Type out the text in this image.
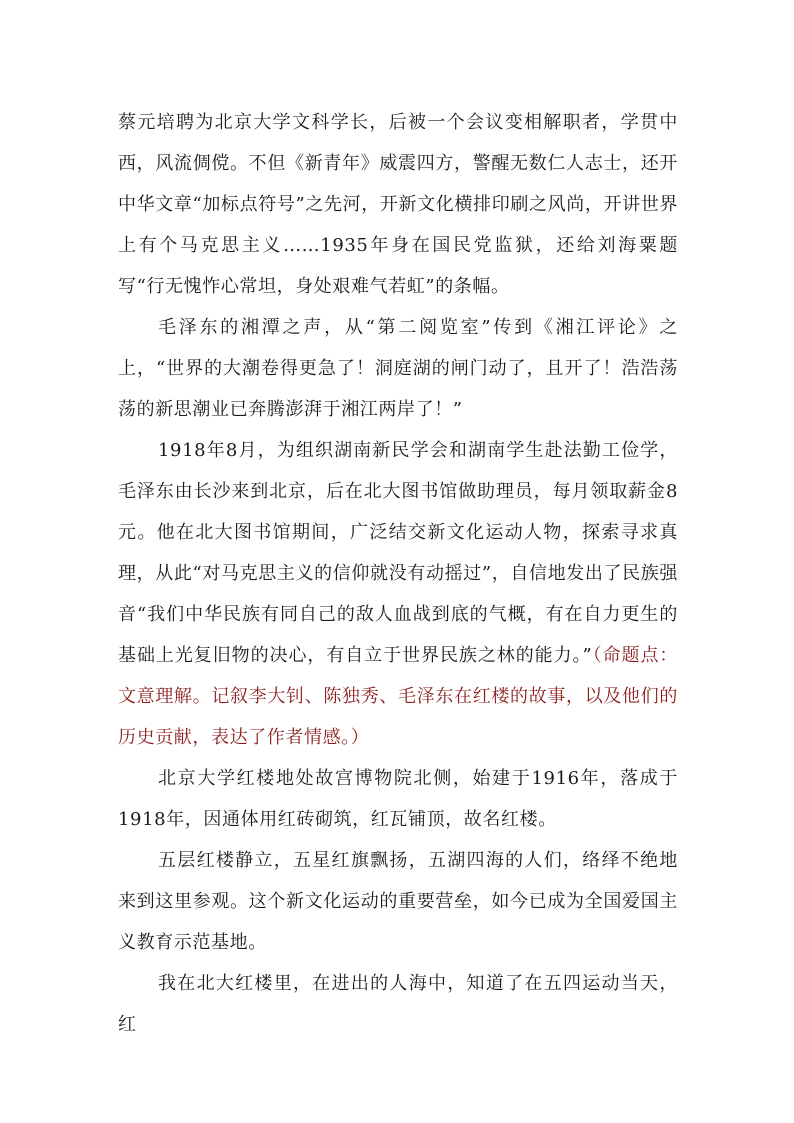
蔡元培聘为北京大学文科学长，后被一个会议变相解职者，学贯中西，风流倜傥。不但《新青年》威震四方，警醒无数仁人志士，还开中华文章“加标点符号”之先河，开新文化横排印刷之风尚，开讲世界上有个马克思主义……1935年身在国民党监狱，还给刘海粟题写“行无愧怍心常坦，身处艰难气若虹”的条幅。

毛泽东的湘潭之声，从“第二阅览室”传到《湘江评论》之上，“世界的大潮卷得更急了！洞庭湖的闸门动了，且开了！浩浩荡荡的新思潮业已奔腾澎湃于湘江两岸了！”

1918年8月，为组织湖南新民学会和湖南学生赴法勤工俭学，毛泽东由长沙来到北京，后在北大图书馆做助理员，每月领取薪金8元。他在北大图书馆期间，广泛结交新文化运动人物，探索寻求真理，从此“对马克思主义的信仰就没有动摇过”，自信地发出了民族强音“我们中华民族有同自己的敌人血战到底的气概，有在自力更生的基础上光复旧物的决心，有自立于世界民族之林的能力。”（命题点：文意理解。记叙李大钊、陈独秀、毛泽东在红楼的故事，以及他们的历史贡献，表达了作者情感。）

北京大学红楼地处故宫博物院北侧，始建于1916年，落成于1918年，因通体用红砖砌筑，红瓦铺顶，故名红楼。

五层红楼静立，五星红旗飘扬，五湖四海的人们，络绎不绝地来到这里参观。这个新文化运动的重要营垒，如今已成为全国爱国主义教育示范基地。

我在北大红楼里，在进出的人海中，知道了在五四运动当天，红
